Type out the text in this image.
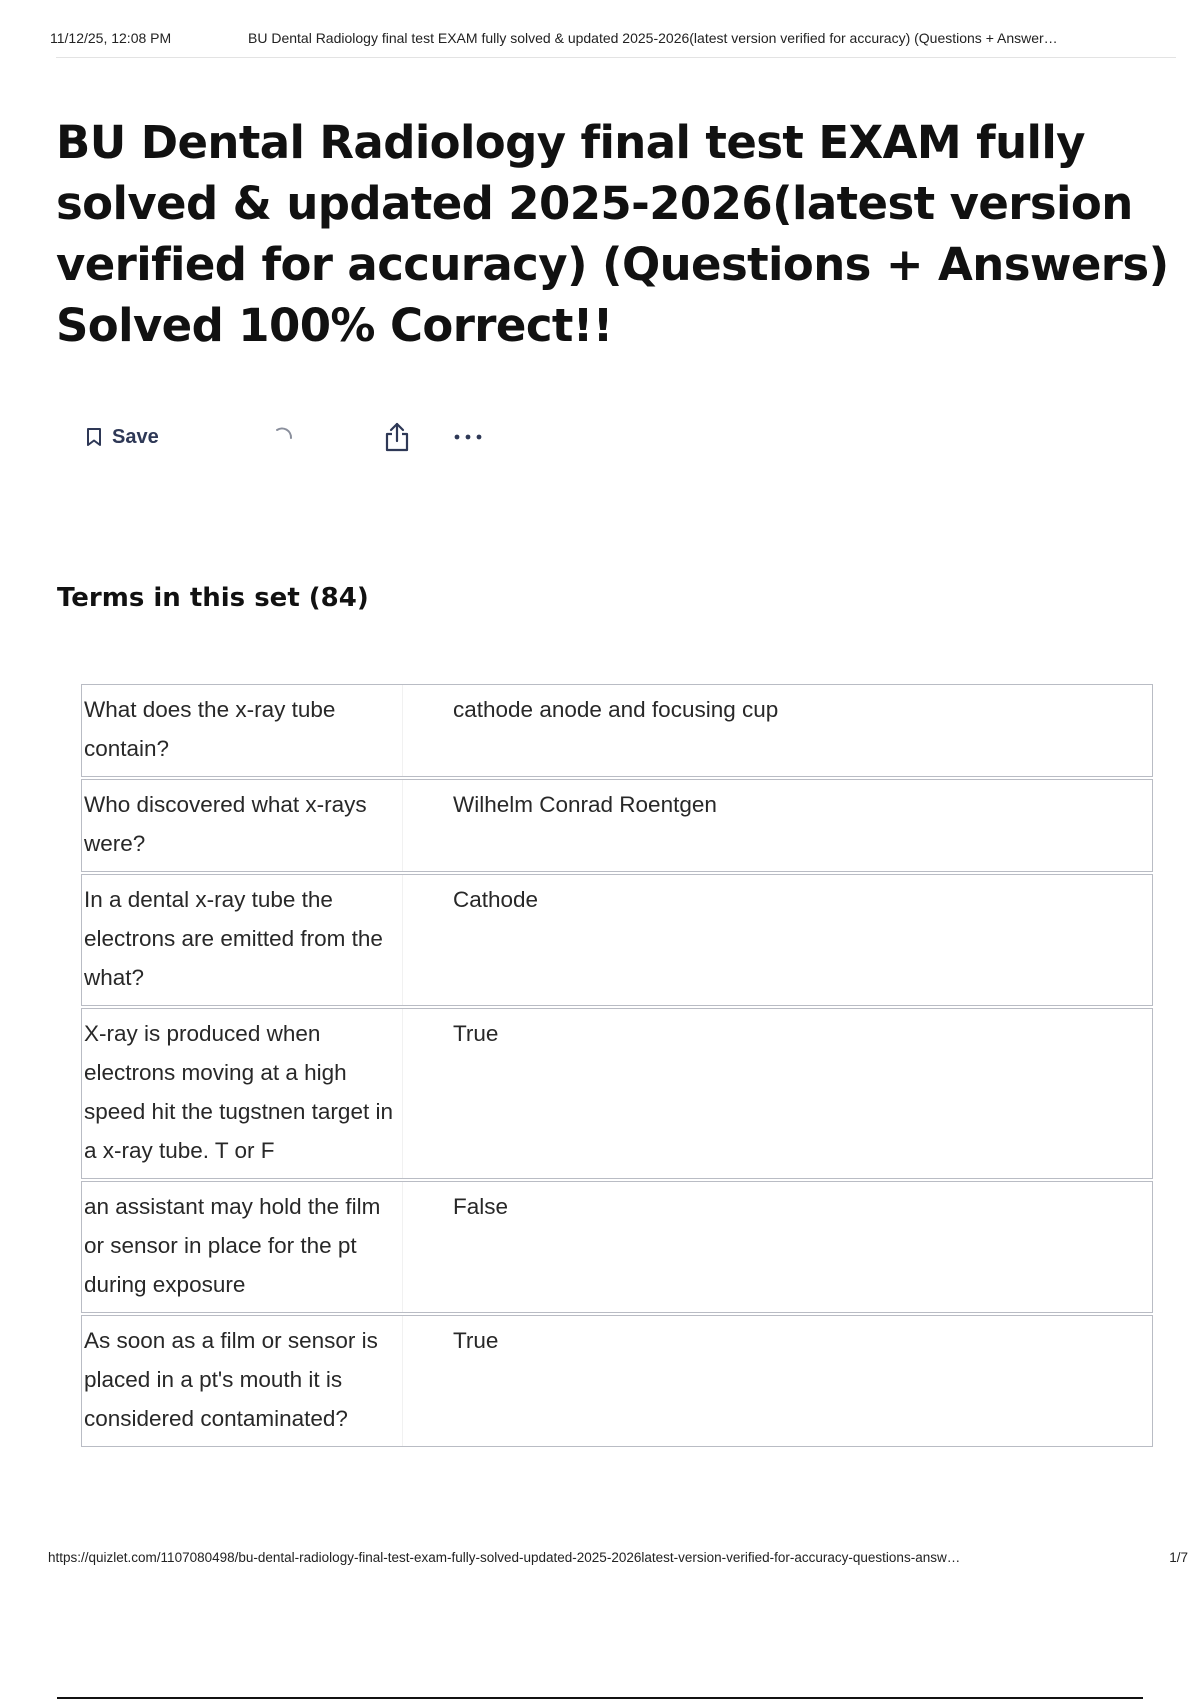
11/12/25, 12:08 PM	BU Dental Radiology final test EXAM fully solved & updated 2025-2026(latest version verified for accuracy) (Questions + Answer…
BU Dental Radiology final test EXAM fully solved & updated 2025-2026(latest version verified for accuracy) (Questions + Answers) Solved 100% Correct!!
Save
Terms in this set (84)
What does the x-ray tube contain?
cathode anode and focusing cup
Who discovered what x-rays were?
Wilhelm Conrad Roentgen
In a dental x-ray tube the electrons are emitted from the what?
Cathode
X-ray is produced when electrons moving at a high speed hit the tugstnen target in a x-ray tube. T or F
True
an assistant may hold the film or sensor in place for the pt during exposure
False
As soon as a film or sensor is placed in a pt's mouth it is considered contaminated?
True
https://quizlet.com/1107080498/bu-dental-radiology-final-test-exam-fully-solved-updated-2025-2026latest-version-verified-for-accuracy-questions-answ…	1/7
